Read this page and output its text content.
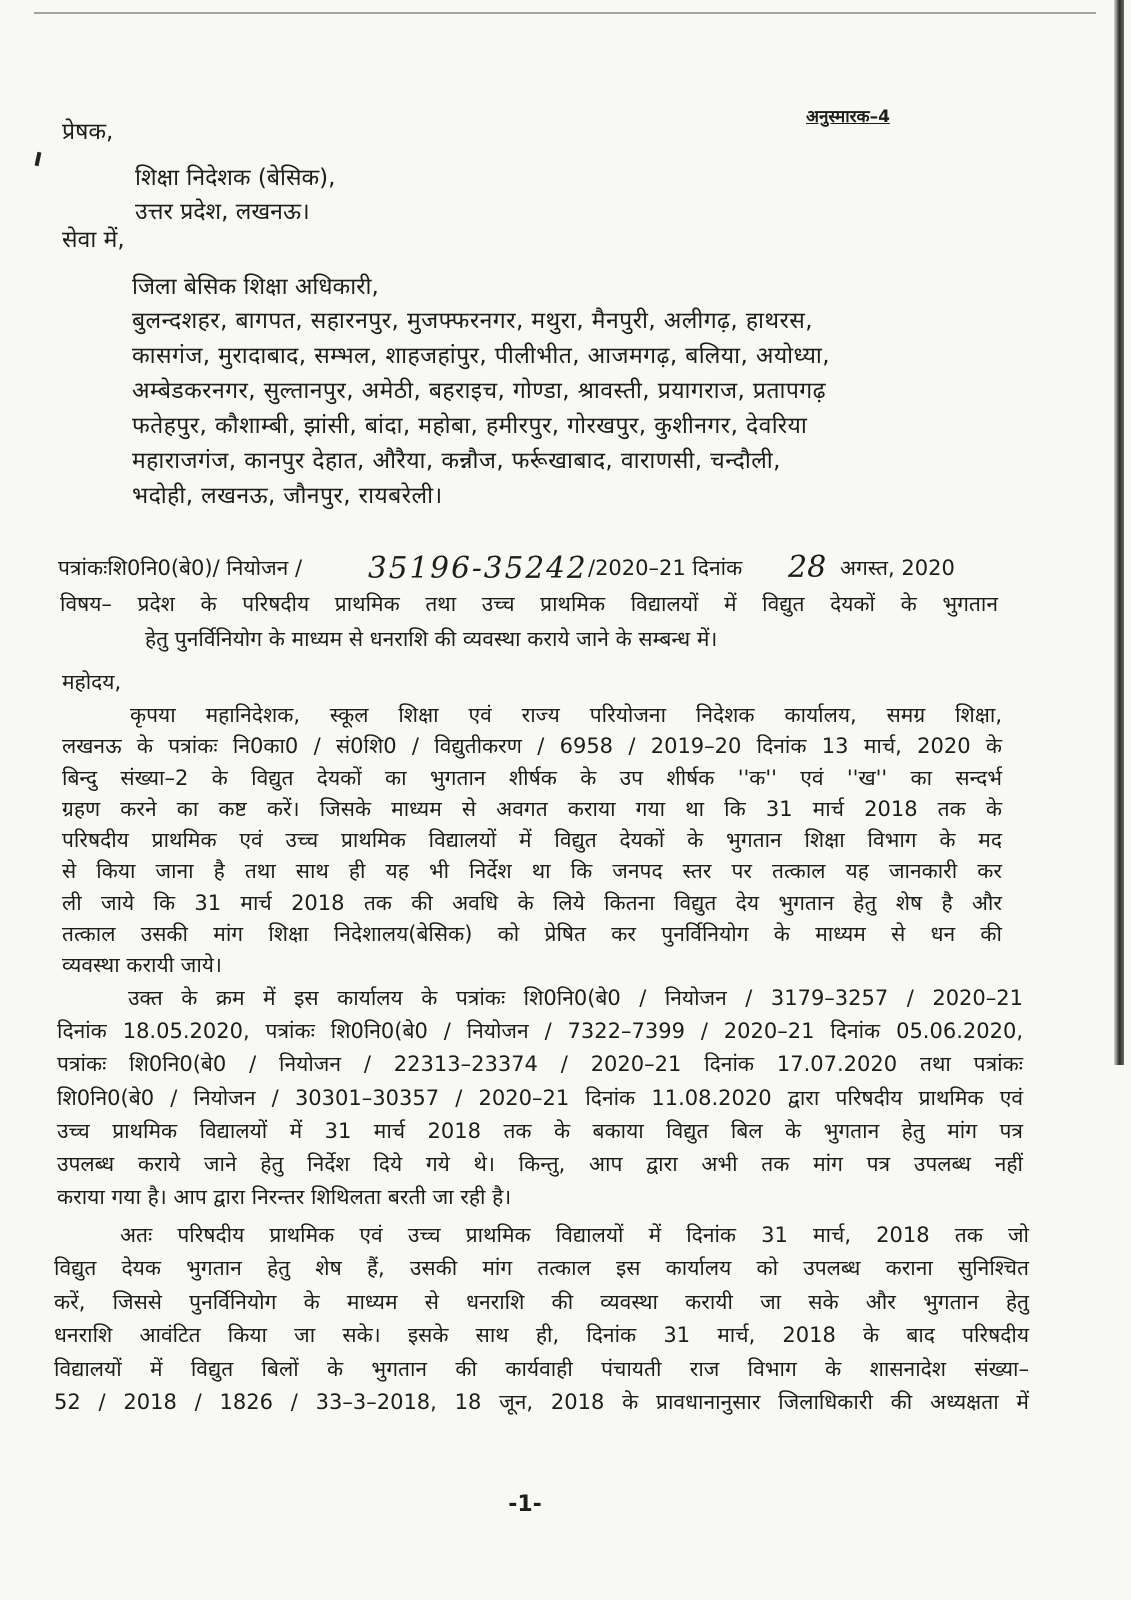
अनुस्मारक–4
प्रेषक,
शिक्षा निदेशक (बेसिक),
उत्तर प्रदेश, लखनऊ।
सेवा में,
जिला बेसिक शिक्षा अधिकारी,
बुलन्दशहर, बागपत, सहारनपुर, मुजफ्फरनगर, मथुरा, मैनपुरी, अलीगढ़, हाथरस,
कासगंज, मुरादाबाद, सम्भल, शाहजहांपुर, पीलीभीत, आजमगढ़, बलिया, अयोध्या,
अम्बेडकरनगर, सुल्तानपुर, अमेठी, बहराइच, गोण्डा, श्रावस्ती, प्रयागराज, प्रतापगढ़
फतेहपुर, कौशाम्बी, झांसी, बांदा, महोबा, हमीरपुर, गोरखपुर, कुशीनगर, देवरिया
महाराजगंज, कानपुर देहात, औरैया, कन्नौज, फर्रूखाबाद, वाराणसी, चन्दौली,
भदोही, लखनऊ, जौनपुर, रायबरेली।
पत्रांकःशि0नि0(बे0)/ नियोजन /	35196-35242 /2020–21 दिनांक	28 अगस्त, 2020
विषय– प्रदेश के परिषदीय प्राथमिक तथा उच्च प्राथमिक विद्यालयों में विद्युत देयकों के भुगतान
हेतु पुनर्विनियोग के माध्यम से धनराशि की व्यवस्था कराये जाने के सम्बन्ध में।
महोदय,
कृपया महानिदेशक, स्कूल शिक्षा एवं राज्य परियोजना निदेशक कार्यालय, समग्र शिक्षा,
लखनऊ के पत्रांकः नि0का0 / सं0शि0 / विद्युतीकरण / 6958 / 2019–20 दिनांक 13 मार्च, 2020 के
बिन्दु संख्या–2 के विद्युत देयकों का भुगतान शीर्षक के उप शीर्षक ''क'' एवं ''ख'' का सन्दर्भ
ग्रहण करने का कष्ट करें। जिसके माध्यम से अवगत कराया गया था कि 31 मार्च 2018 तक के
परिषदीय प्राथमिक एवं उच्च प्राथमिक विद्यालयों में विद्युत देयकों के भुगतान शिक्षा विभाग के मद
से किया जाना है तथा साथ ही यह भी निर्देश था कि जनपद स्तर पर तत्काल यह जानकारी कर
ली जाये कि 31 मार्च 2018 तक की अवधि के लिये कितना विद्युत देय भुगतान हेतु शेष है और
तत्काल उसकी मांग शिक्षा निदेशालय(बेसिक) को प्रेषित कर पुनर्विनियोग के माध्यम से धन की
व्यवस्था करायी जाये।
उक्त के क्रम में इस कार्यालय के पत्रांकः शि0नि0(बे0 / नियोजन / 3179–3257 / 2020–21
दिनांक 18.05.2020, पत्रांकः शि0नि0(बे0 / नियोजन / 7322–7399 / 2020–21 दिनांक 05.06.2020,
पत्रांकः शि0नि0(बे0 / नियोजन / 22313–23374 / 2020–21 दिनांक 17.07.2020 तथा पत्रांकः
शि0नि0(बे0 / नियोजन / 30301–30357 / 2020–21 दिनांक 11.08.2020 द्वारा परिषदीय प्राथमिक एवं
उच्च प्राथमिक विद्यालयों में 31 मार्च 2018 तक के बकाया विद्युत बिल के भुगतान हेतु मांग पत्र
उपलब्ध कराये जाने हेतु निर्देश दिये गये थे। किन्तु, आप द्वारा अभी तक मांग पत्र उपलब्ध नहीं
कराया गया है। आप द्वारा निरन्तर शिथिलता बरती जा रही है।
अतः परिषदीय प्राथमिक एवं उच्च प्राथमिक विद्यालयों में दिनांक 31 मार्च, 2018 तक जो
विद्युत देयक भुगतान हेतु शेष हैं, उसकी मांग तत्काल इस कार्यालय को उपलब्ध कराना सुनिश्चित
करें, जिससे पुनर्विनियोग के माध्यम से धनराशि की व्यवस्था करायी जा सके और भुगतान हेतु
धनराशि आवंटित किया जा सके। इसके साथ ही, दिनांक 31 मार्च, 2018 के बाद परिषदीय
विद्यालयों में विद्युत बिलों के भुगतान की कार्यवाही पंचायती राज विभाग के शासनादेश संख्या–
52 / 2018 / 1826 / 33–3–2018, 18 जून, 2018 के प्रावधानानुसार जिलाधिकारी की अध्यक्षता में
-1-
